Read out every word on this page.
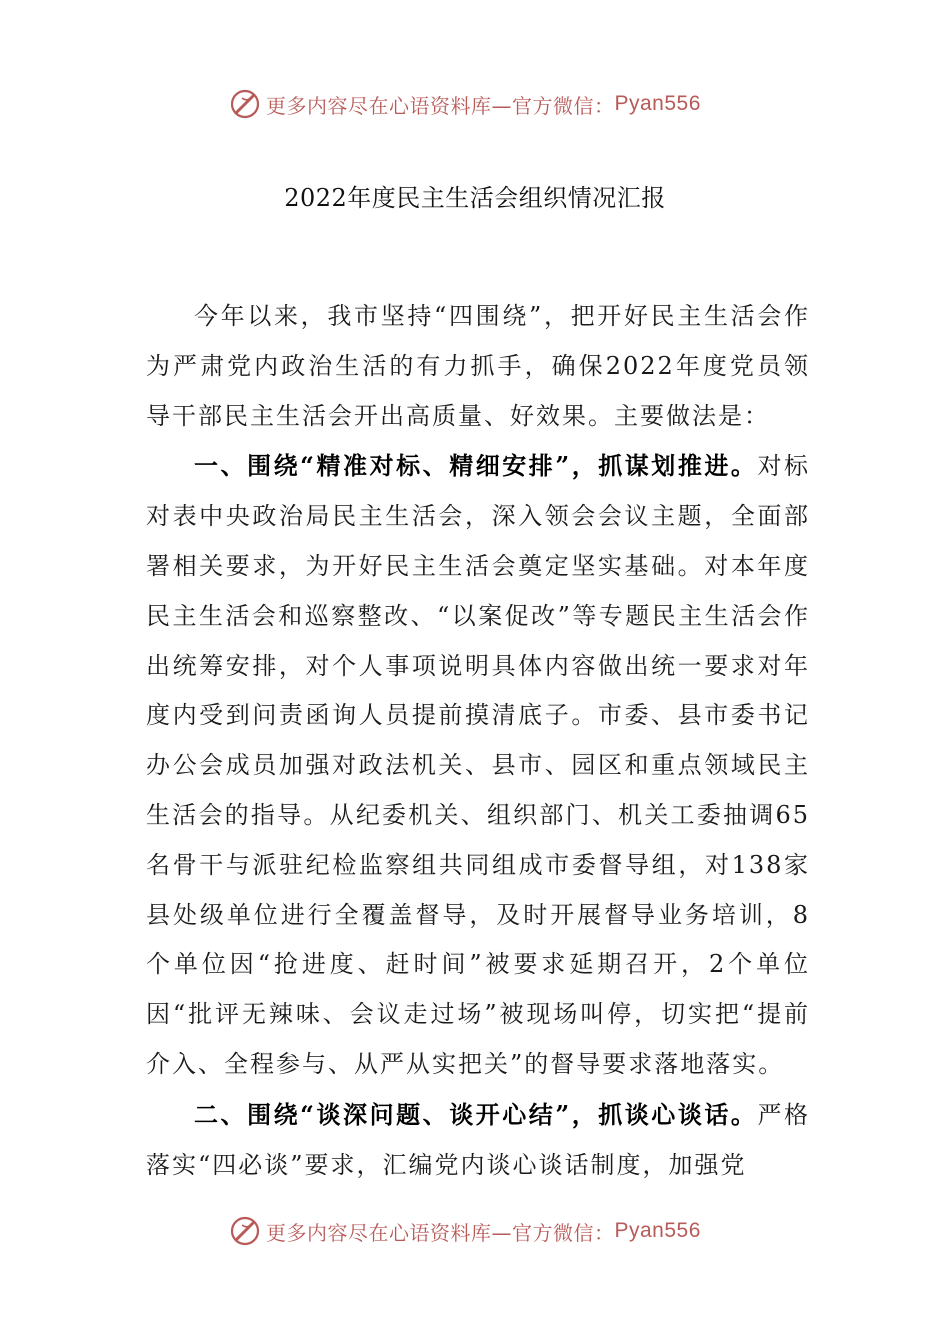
更多内容尽在心语资料库—官方微信： Pyan556
2022年度民主生活会组织情况汇报

今年以来，我市坚持“四围绕”，把开好民主生活会作为严肃党内政治生活的有力抓手，确保2022年度党员领导干部民主生活会开出高质量、好效果。主要做法是：

一、围绕“精准对标、精细安排”，抓谋划推进。对标对表中央政治局民主生活会，深入领会会议主题，全面部署相关要求，为开好民主生活会奠定坚实基础。对本年度民主生活会和巡察整改、“以案促改”等专题民主生活会作出统筹安排，对个人事项说明具体内容做出统一要求对年度内受到问责函询人员提前摸清底子。市委、县市委书记办公会成员加强对政法机关、县市、园区和重点领域民主生活会的指导。从纪委机关、组织部门、机关工委抽调65名骨干与派驻纪检监察组共同组成市委督导组，对138家县处级单位进行全覆盖督导，及时开展督导业务培训，8个单位因“抢进度、赶时间”被要求延期召开，2个单位因“批评无辣味、会议走过场”被现场叫停，切实把“提前介入、全程参与、从严从实把关”的督导要求落地落实。

二、围绕“谈深问题、谈开心结”，抓谈心谈话。严格落实“四必谈”要求，汇编党内谈心谈话制度，加强党

更多内容尽在心语资料库—官方微信： Pyan556
